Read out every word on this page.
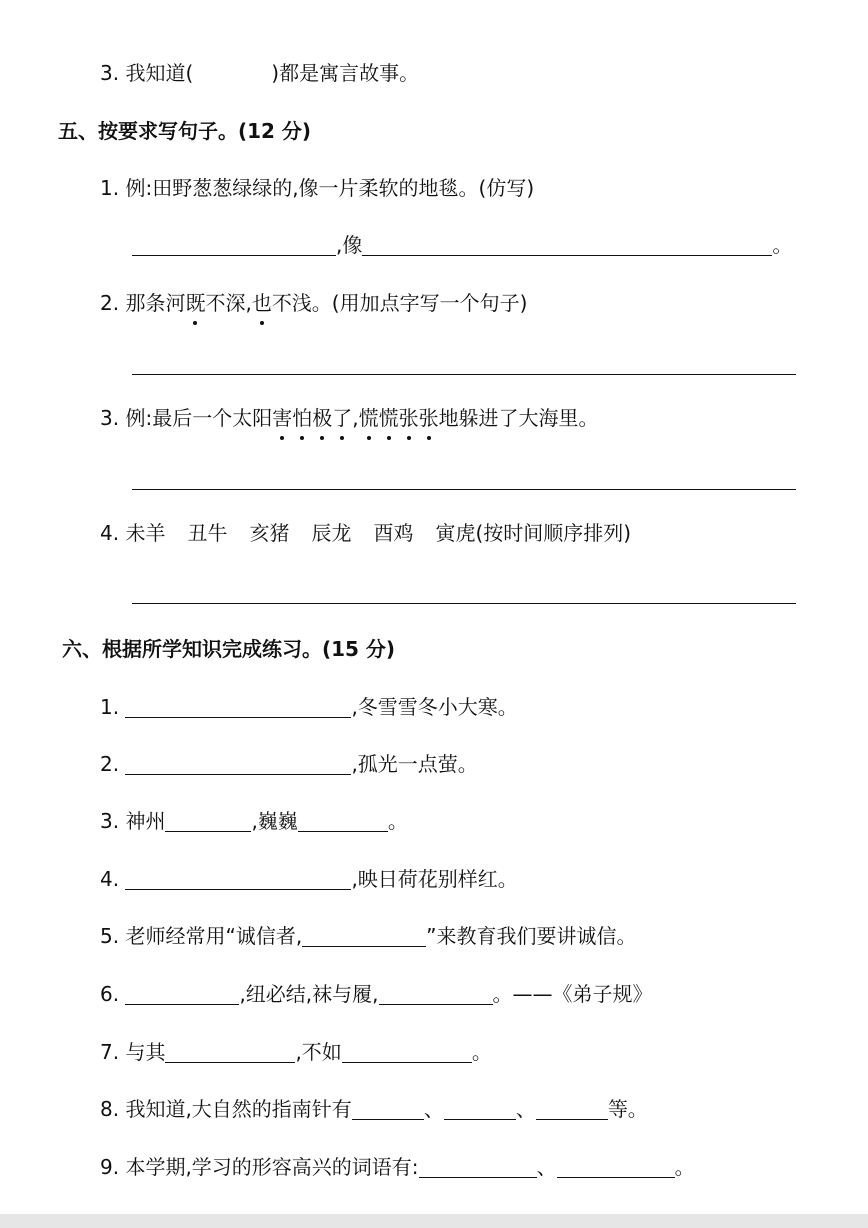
3. 我知道(	)都是寓言故事。
五、按要求写句子。(12 分)
1. 例:田野葱葱绿绿的,像一片柔软的地毯。(仿写)
,像	。
2. 那条河既不深,也不浅。(用加点字写一个句子)
3. 例:最后一个太阳害怕极了,慌慌张张地躲进了大海里。
4. 未羊 丑牛 亥猪 辰龙 酉鸡 寅虎(按时间顺序排列)
六、根据所学知识完成练习。(15 分)
1.	,冬雪雪冬小大寒。
2.	,孤光一点萤。
3. 神州	,巍巍	。
4.	,映日荷花别样红。
5. 老师经常用“诚信者,	”来教育我们要讲诚信。
6.	,纽必结,袜与履,	。——《弟子规》
7. 与其	,不如	。
8. 我知道,大自然的指南针有	、	、	等。
9. 本学期,学习的形容高兴的词语有:	、	。
